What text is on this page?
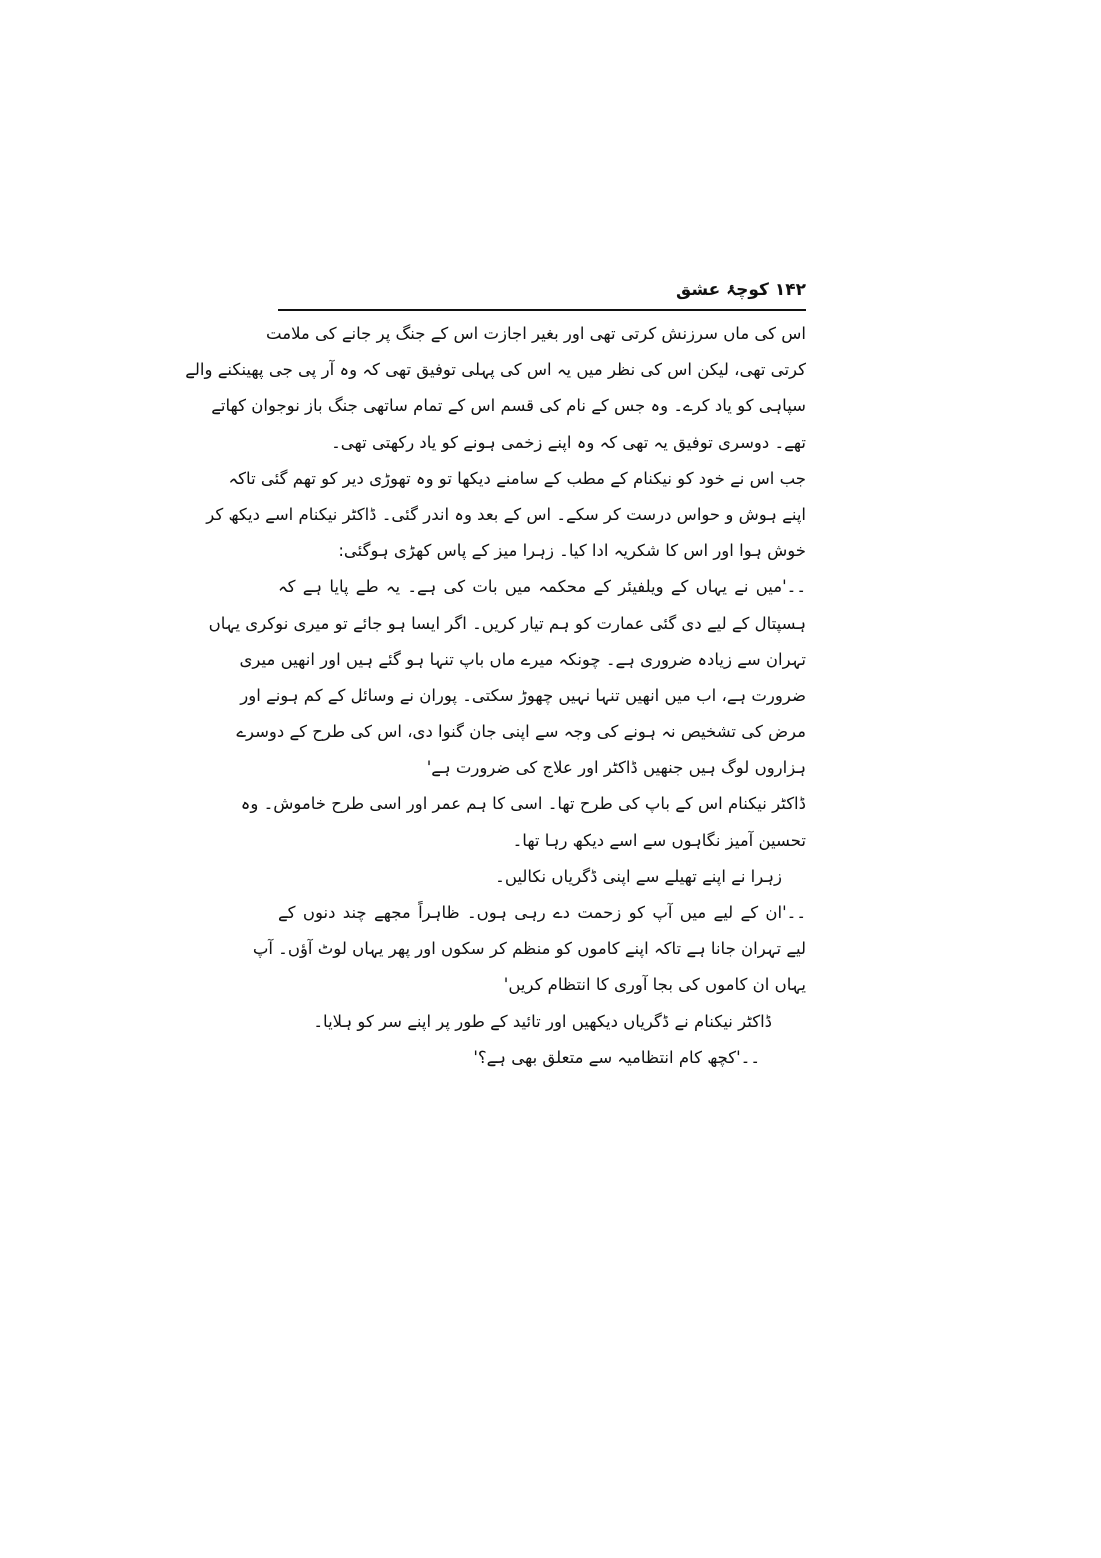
۱۴۲ کوچۂ عشق
اس کی ماں سرزنش کرتی تھی اور بغیر اجازت اس کے جنگ پر جانے کی ملامت
کرتی تھی، لیکن اس کی نظر میں یہ اس کی پہلی توفیق تھی کہ وہ آر پی جی پھینکنے والے
سپاہی کو یاد کرے۔ وہ جس کے نام کی قسم اس کے تمام ساتھی جنگ باز نوجوان کھاتے
تھے۔ دوسری توفیق یہ تھی کہ وہ اپنے زخمی ہونے کو یاد رکھتی تھی۔
جب اس نے خود کو نیکنام کے مطب کے سامنے دیکھا تو وہ تھوڑی دیر کو تھم گئی تاکہ
اپنے ہوش و حواس درست کر سکے۔ اس کے بعد وہ اندر گئی۔ ڈاکٹر نیکنام اسے دیکھ کر
خوش ہوا اور اس کا شکریہ ادا کیا۔ زہرا میز کے پاس کھڑی ہوگئی:
۔۔'میں نے یہاں کے ویلفیئر کے محکمہ میں بات کی ہے۔ یہ طے پایا ہے کہ
ہسپتال کے لیے دی گئی عمارت کو ہم تیار کریں۔ اگر ایسا ہو جائے تو میری نوکری یہاں
تہران سے زیادہ ضروری ہے۔ چونکہ میرے ماں باپ تنہا ہو گئے ہیں اور انھیں میری
ضرورت ہے، اب میں انھیں تنہا نہیں چھوڑ سکتی۔ پوران نے وسائل کے کم ہونے اور
مرض کی تشخیص نہ ہونے کی وجہ سے اپنی جان گنوا دی، اس کی طرح کے دوسرے
ہزاروں لوگ ہیں جنھیں ڈاکٹر اور علاج کی ضرورت ہے'
ڈاکٹر نیکنام اس کے باپ کی طرح تھا۔ اسی کا ہم عمر اور اسی طرح خاموش۔ وہ
تحسین آمیز نگاہوں سے اسے دیکھ رہا تھا۔
زہرا نے اپنے تھیلے سے اپنی ڈگریاں نکالیں۔
۔۔'ان کے لیے میں آپ کو زحمت دے رہی ہوں۔ ظاہراً مجھے چند دنوں کے
لیے تہران جانا ہے تاکہ اپنے کاموں کو منظم کر سکوں اور پھر یہاں لوٹ آؤں۔ آپ
یہاں ان کاموں کی بجا آوری کا انتظام کریں'
ڈاکٹر نیکنام نے ڈگریاں دیکھیں اور تائید کے طور پر اپنے سر کو ہلایا۔
۔۔'کچھ کام انتظامیہ سے متعلق بھی ہے؟'
